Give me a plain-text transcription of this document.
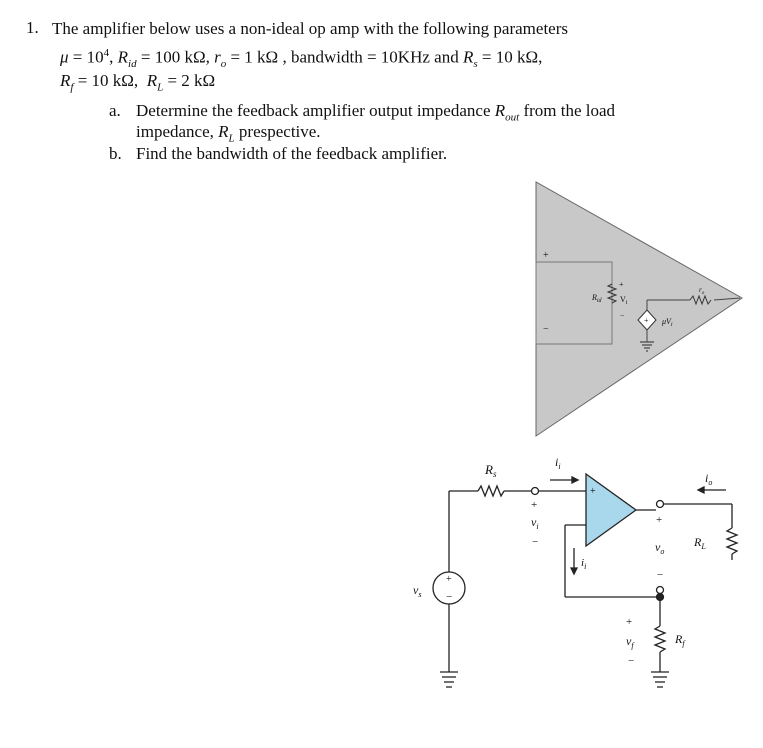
1. The amplifier below uses a non-ideal op amp with the following parameters
$\mu = 10^4$, $R_{id} = 100$ kΩ, $r_o = 1$ kΩ , bandwidth = 10KHz and $R_s = 10$ kΩ,
$R_f = 10$ kΩ, $R_L = 2$ kΩ
a. Determine the feedback amplifier output impedance $R_{out}$ from the load
impedance, $R_L$ prespective.
b. Find the bandwidth of the feedback amplifier.
+
−
$R_{id}$
+
$V_i$
−
$r_o$
+ $\mu V_i$
$R_s$
$i_i$
+
$v_i$
−
+
$i_i$
+
$v_o$
−
$i_o$
$R_L$
+
$v_f$
−
$R_f$
+
−
$v_s$
